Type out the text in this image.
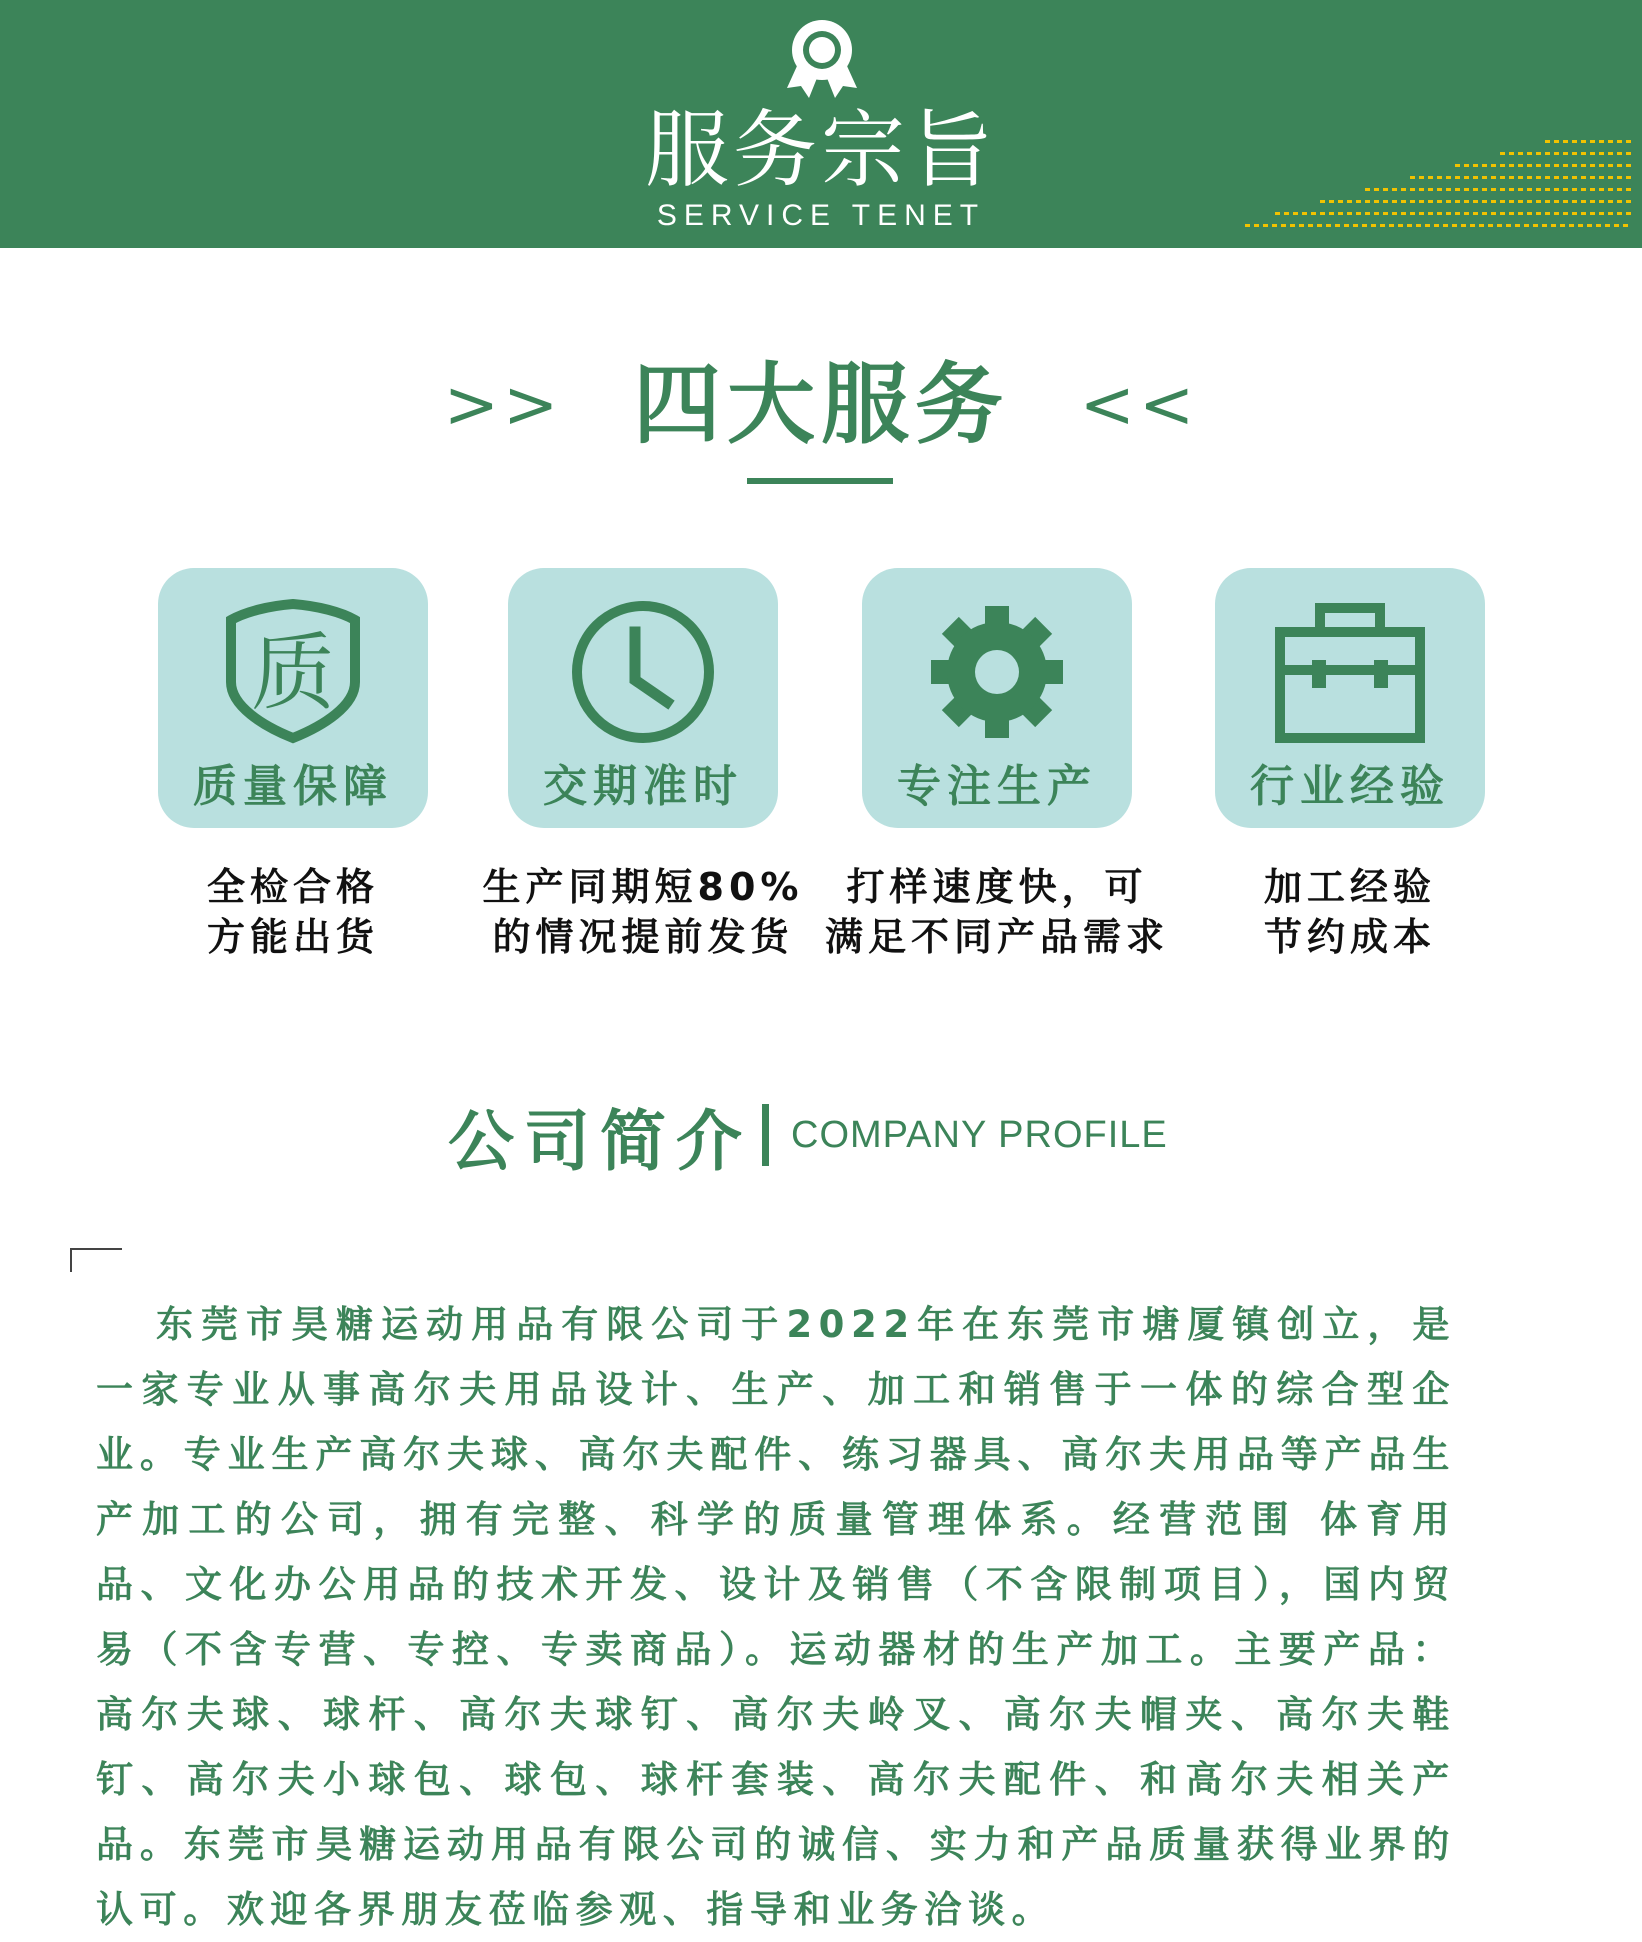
服务宗旨
SERVICE TENET
>> 四大服务 <<
质
质量保障	交期准时	专注生产	行业经验
全检合格
方能出货
生产同期短80%
的情况提前发货
打样速度快，可
满足不同产品需求
加工经验
节约成本
公司简介 COMPANY PROFILE
东莞市昊糖运动用品有限公司于2022年在东莞市塘厦镇创立，是一家专业从事高尔夫用品设计、生产、加工和销售于一体的综合型企业。专业生产高尔夫球、高尔夫配件、练习器具、高尔夫用品等产品生产加工的公司，拥有完整、科学的质量管理体系。经营范围 体育用品、文化办公用品的技术开发、设计及销售（不含限制项目），国内贸易（不含专营、专控、专卖商品）。运动器材的生产加工。主要产品：高尔夫球、球杆、高尔夫球钉、高尔夫岭叉、高尔夫帽夹、高尔夫鞋钉、高尔夫小球包、球包、球杆套装、高尔夫配件、和高尔夫相关产品。东莞市昊糖运动用品有限公司的诚信、实力和产品质量获得业界的认可。欢迎各界朋友莅临参观、指导和业务洽谈。
